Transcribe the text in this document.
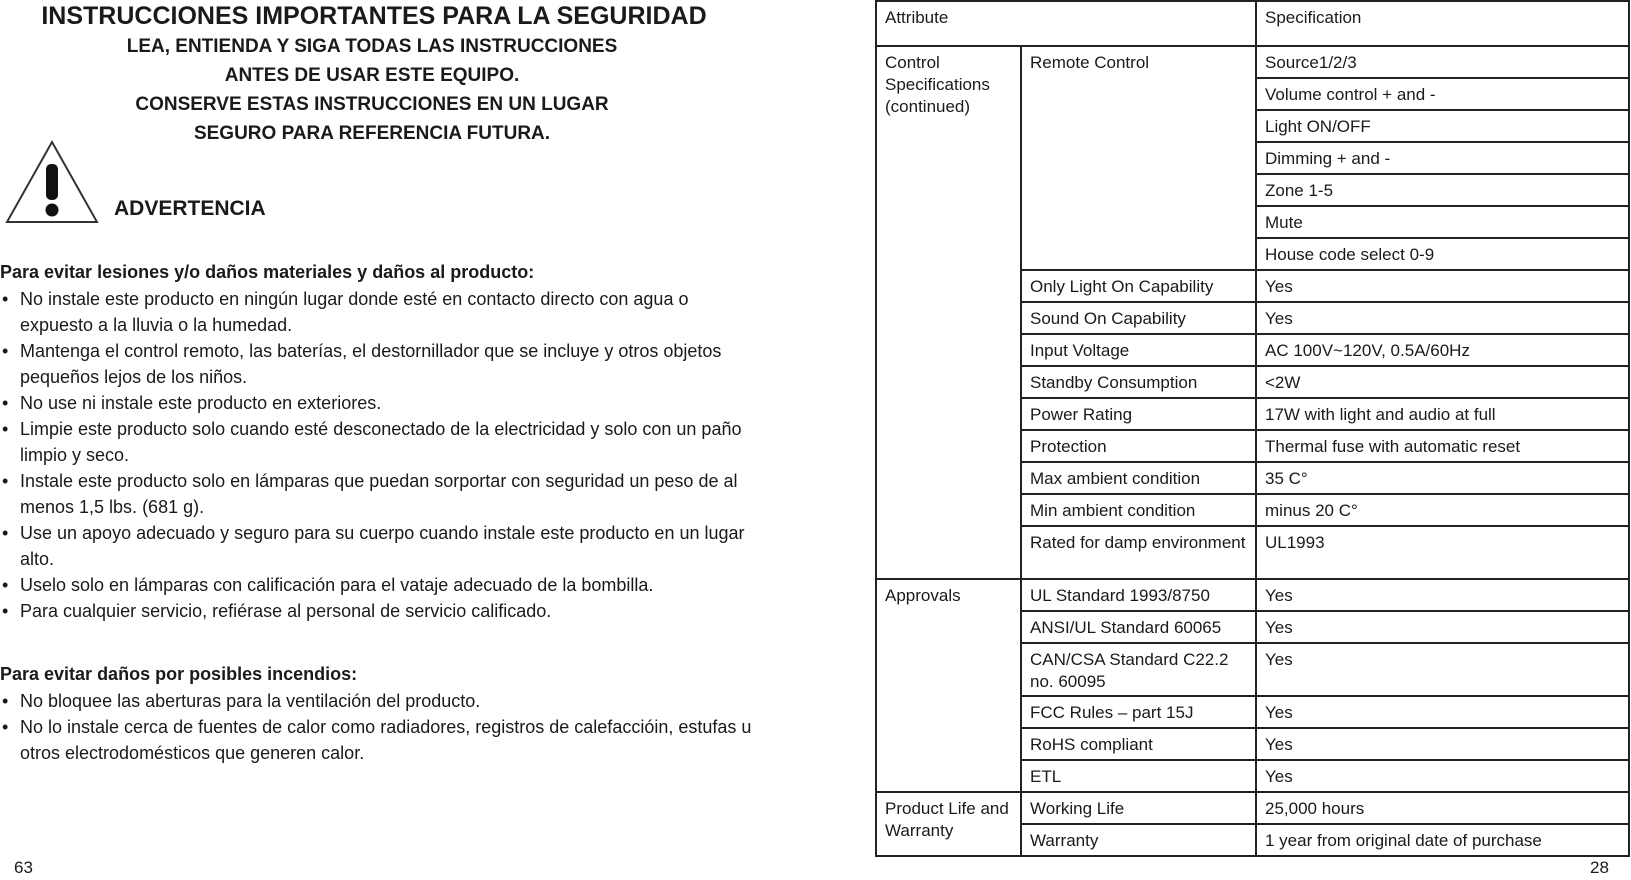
INSTRUCCIONES IMPORTANTES PARA LA SEGURIDAD
LEA, ENTIENDA Y SIGA TODAS LAS INSTRUCCIONES
ANTES DE USAR ESTE EQUIPO.
CONSERVE ESTAS INSTRUCCIONES EN UN LUGAR
SEGURO PARA REFERENCIA FUTURA.
ADVERTENCIA
Para evitar lesiones y/o daños materiales y daños al producto:
• No instale este producto en ningún lugar donde esté en contacto directo con agua o expuesto a la lluvia o la humedad.
• Mantenga el control remoto, las baterías, el destornillador que se incluye y otros objetos pequeños lejos de los niños.
• No use ni instale este producto en exteriores.
• Limpie este producto solo cuando esté desconectado de la electricidad y solo con un paño limpio y seco.
• Instale este producto solo en lámparas que puedan sorportar con seguridad un peso de al menos 1,5 lbs. (681 g).
• Use un apoyo adecuado y seguro para su cuerpo cuando instale este producto en un lugar alto.
• Uselo solo en lámparas con calificación para el vataje adecuado de la bombilla.
• Para cualquier servicio, refiérase al personal de servicio calificado.
Para evitar daños por posibles incendios:
• No bloquee las aberturas para la ventilación del producto.
• No lo instale cerca de fuentes de calor como radiadores, registros de calefaccióin, estufas u otros electrodomésticos que generen calor.
63
Attribute		Specification
Control Specifications (continued)	Remote Control	Source1/2/3
		Volume control + and -
		Light ON/OFF
		Dimming + and -
		Zone 1-5
		Mute
		House code select 0-9
	Only Light On Capability	Yes
	Sound On Capability	Yes
	Input Voltage	AC 100V~120V, 0.5A/60Hz
	Standby Consumption	<2W
	Power Rating	17W with light and audio at full
	Protection	Thermal fuse with automatic reset
	Max ambient condition	35 C°
	Min ambient condition	minus 20 C°
	Rated for damp environment	UL1993
Approvals	UL Standard 1993/8750	Yes
	ANSI/UL Standard 60065	Yes
	CAN/CSA Standard C22.2 no. 60095	Yes
	FCC Rules – part 15J	Yes
	RoHS compliant	Yes
	ETL	Yes
Product Life and Warranty	Working Life	25,000 hours
	Warranty	1 year from original date of purchase
28
